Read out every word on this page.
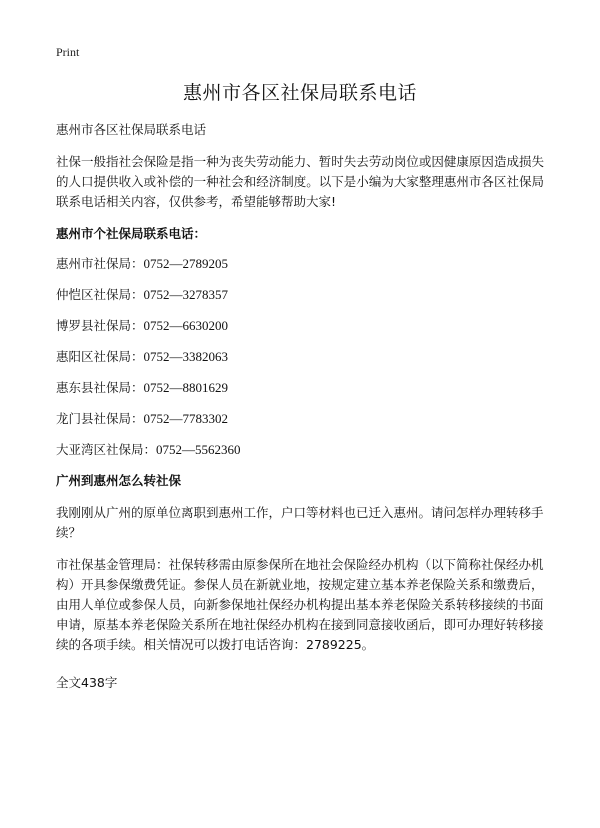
Print
惠州市各区社保局联系电话

惠州市各区社保局联系电话

社保一般指社会保险是指一种为丧失劳动能力、暂时失去劳动岗位或因健康原因造成损失的人口提供收入或补偿的一种社会和经济制度。以下是小编为大家整理惠州市各区社保局联系电话相关内容，仅供参考，希望能够帮助大家!

惠州市个社保局联系电话：

惠州市社保局：0752—2789205
仲恺区社保局：0752—3278357
博罗县社保局：0752—6630200
惠阳区社保局：0752—3382063
惠东县社保局：0752—8801629
龙门县社保局：0752—7783302
大亚湾区社保局：0752—5562360

广州到惠州怎么转社保

我刚刚从广州的原单位离职到惠州工作，户口等材料也已迁入惠州。请问怎样办理转移手续？

市社保基金管理局：社保转移需由原参保所在地社会保险经办机构（以下简称社保经办机构）开具参保缴费凭证。参保人员在新就业地，按规定建立基本养老保险关系和缴费后，由用人单位或参保人员，向新参保地社保经办机构提出基本养老保险关系转移接续的书面申请，原基本养老保险关系所在地社保经办机构在接到同意接收函后，即可办理好转移接续的各项手续。相关情况可以拨打电话咨询：2789225。

全文438字
